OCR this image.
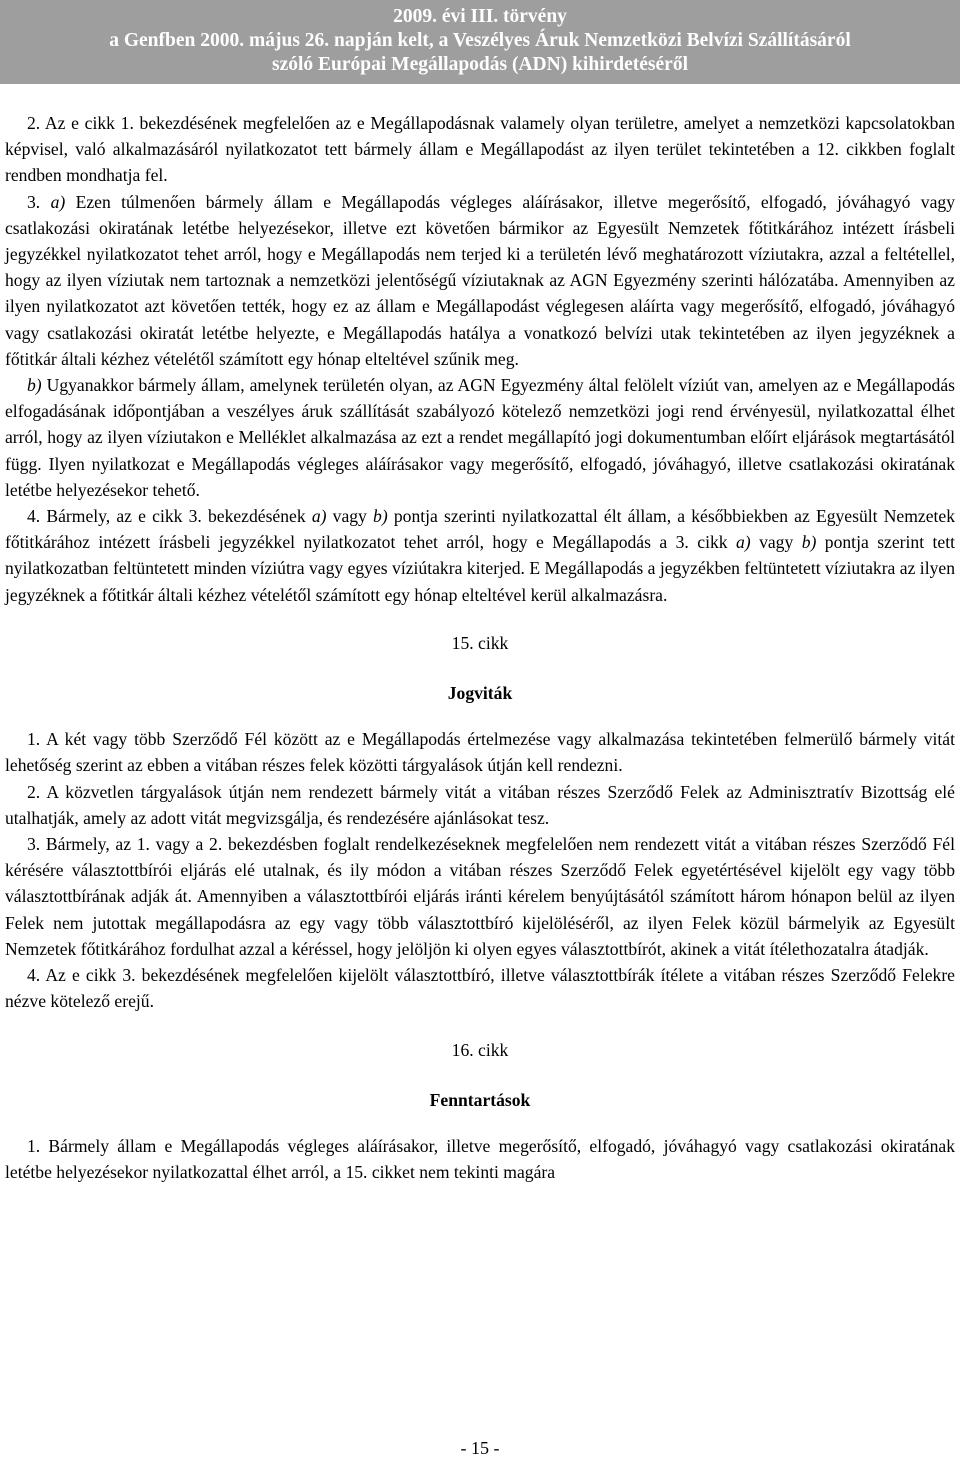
2009. évi III. törvény
a Genfben 2000. május 26. napján kelt, a Veszélyes Áruk Nemzetközi Belvízi Szállításáról
szóló Európai Megállapodás (ADN) kihirdetéséről

2. Az e cikk 1. bekezdésének megfelelően az e Megállapodásnak valamely olyan területre, amelyet a nemzetközi kapcsolatokban képvisel, való alkalmazásáról nyilatkozatot tett bármely állam e Megállapodást az ilyen terület tekintetében a 12. cikkben foglalt rendben mondhatja fel.

3. a) Ezen túlmenően bármely állam e Megállapodás végleges aláírásakor, illetve megerősítő, elfogadó, jóváhagyó vagy csatlakozási okiratának letétbe helyezésekor, illetve ezt követően bármikor az Egyesült Nemzetek főtitkárához intézett írásbeli jegyzékkel nyilatkozatot tehet arról, hogy e Megállapodás nem terjed ki a területén lévő meghatározott víziutakra, azzal a feltétellel, hogy az ilyen víziutak nem tartoznak a nemzetközi jelentőségű víziutaknak az AGN Egyezmény szerinti hálózatába. Amennyiben az ilyen nyilatkozatot azt követően tették, hogy ez az állam e Megállapodást véglegesen aláírta vagy megerősítő, elfogadó, jóváhagyó vagy csatlakozási okiratát letétbe helyezte, e Megállapodás hatálya a vonatkozó belvízi utak tekintetében az ilyen jegyzéknek a főtitkár általi kézhez vételétől számított egy hónap elteltével szűnik meg.

b) Ugyanakkor bármely állam, amelynek területén olyan, az AGN Egyezmény által felölelt víziút van, amelyen az e Megállapodás elfogadásának időpontjában a veszélyes áruk szállítását szabályozó kötelező nemzetközi jogi rend érvényesül, nyilatkozattal élhet arról, hogy az ilyen víziutakon e Melléklet alkalmazása az ezt a rendet megállapító jogi dokumentumban előírt eljárások megtartásától függ. Ilyen nyilatkozat e Megállapodás végleges aláírásakor vagy megerősítő, elfogadó, jóváhagyó, illetve csatlakozási okiratának letétbe helyezésekor tehető.

4. Bármely, az e cikk 3. bekezdésének a) vagy b) pontja szerinti nyilatkozattal élt állam, a későbbiekben az Egyesült Nemzetek főtitkárához intézett írásbeli jegyzékkel nyilatkozatot tehet arról, hogy e Megállapodás a 3. cikk a) vagy b) pontja szerint tett nyilatkozatban feltüntetett minden víziútra vagy egyes víziútakra kiterjed. E Megállapodás a jegyzékben feltüntetett víziutakra az ilyen jegyzéknek a főtitkár általi kézhez vételétől számított egy hónap elteltével kerül alkalmazásra.

15. cikk

Jogviták

1. A két vagy több Szerződő Fél között az e Megállapodás értelmezése vagy alkalmazása tekintetében felmerülő bármely vitát lehetőség szerint az ebben a vitában részes felek közötti tárgyalások útján kell rendezni.

2. A közvetlen tárgyalások útján nem rendezett bármely vitát a vitában részes Szerződő Felek az Adminisztratív Bizottság elé utalhatják, amely az adott vitát megvizsgálja, és rendezésére ajánlásokat tesz.

3. Bármely, az 1. vagy a 2. bekezdésben foglalt rendelkezéseknek megfelelően nem rendezett vitát a vitában részes Szerződő Fél kérésére választottbírói eljárás elé utalnak, és ily módon a vitában részes Szerződő Felek egyetértésével kijelölt egy vagy több választottbírának adják át. Amennyiben a választottbírói eljárás iránti kérelem benyújtásától számított három hónapon belül az ilyen Felek nem jutottak megállapodásra az egy vagy több választottbíró kijelöléséről, az ilyen Felek közül bármelyik az Egyesült Nemzetek főtitkárához fordulhat azzal a kéréssel, hogy jelöljön ki olyen egyes választottbírót, akinek a vitát ítélethozatalra átadják.

4. Az e cikk 3. bekezdésének megfelelően kijelölt választottbíró, illetve választottbírák ítélete a vitában részes Szerződő Felekre nézve kötelező erejű.

16. cikk

Fenntartások

1. Bármely állam e Megállapodás végleges aláírásakor, illetve megerősítő, elfogadó, jóváhagyó vagy csatlakozási okiratának letétbe helyezésekor nyilatkozattal élhet arról, a 15. cikket nem tekinti magára

- 15 -
